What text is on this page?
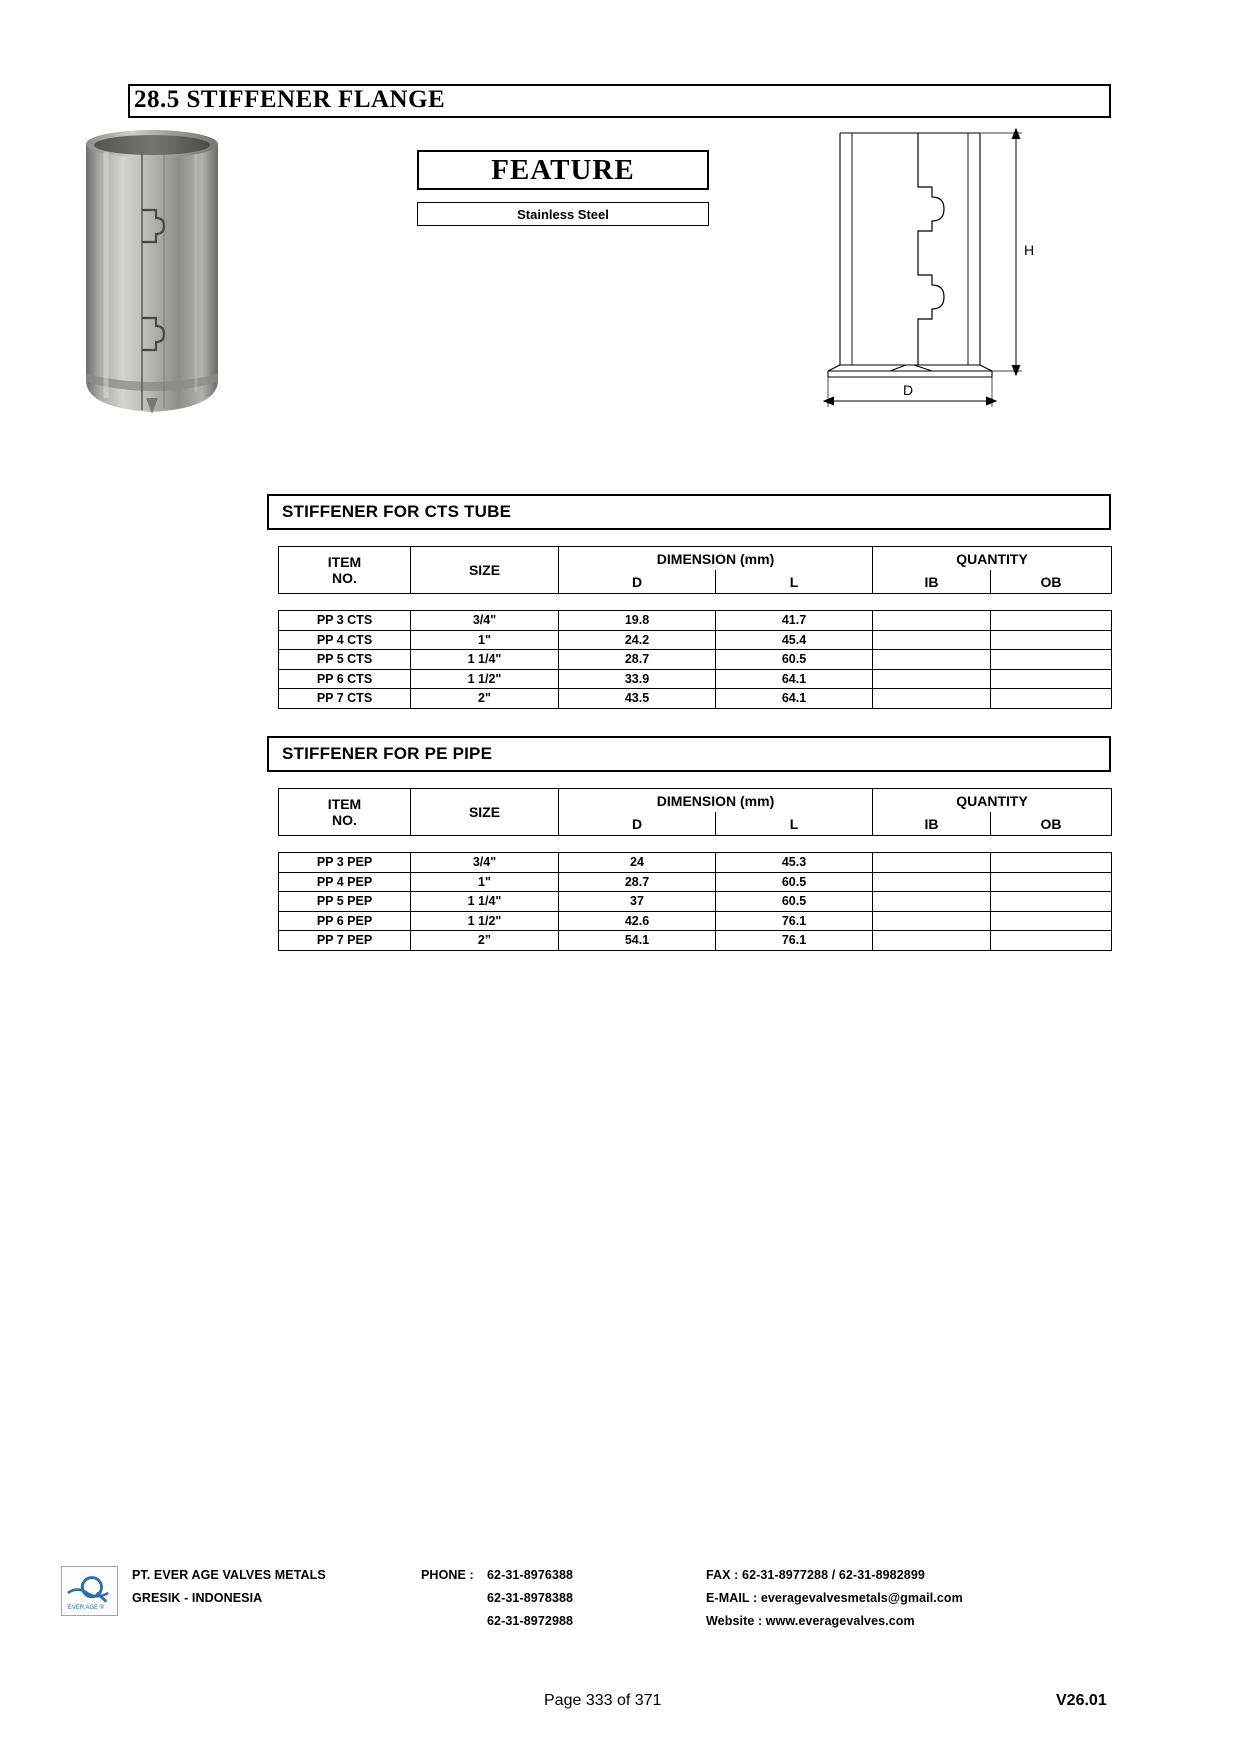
28.5 STIFFENER FLANGE
FEATURE
Stainless Steel
H
D
STIFFENER FOR CTS TUBE
ITEM
NO.	SIZE	DIMENSION (mm)		QUANTITY	
		D	L	IB	OB
PP 3 CTS	3/4"	19.8	41.7		
PP 4 CTS	1"	24.2	45.4		
PP 5 CTS	1 1/4"	28.7	60.5		
PP 6 CTS	1 1/2"	33.9	64.1		
PP 7 CTS	2"	43.5	64.1		
STIFFENER FOR PE PIPE
ITEM
NO.	SIZE	DIMENSION (mm)		QUANTITY	
		D	L	IB	OB
PP 3 PEP	3/4"	24	45.3		
PP 4 PEP	1"	28.7	60.5		
PP 5 PEP	1 1/4"	37	60.5		
PP 6 PEP	1 1/2"	42.6	76.1		
PP 7 PEP	2”	54.1	76.1		
EVER AGE ®
PT. EVER AGE VALVES METALS
GRESIK - INDONESIA
PHONE : 62-31-8976388
62-31-8978388
62-31-8972988
FAX : 62-31-8977288 / 62-31-8982899
E-MAIL : everagevalvesmetals@gmail.com
Website : www.everagevalves.com
Page 333 of 371	V26.01
